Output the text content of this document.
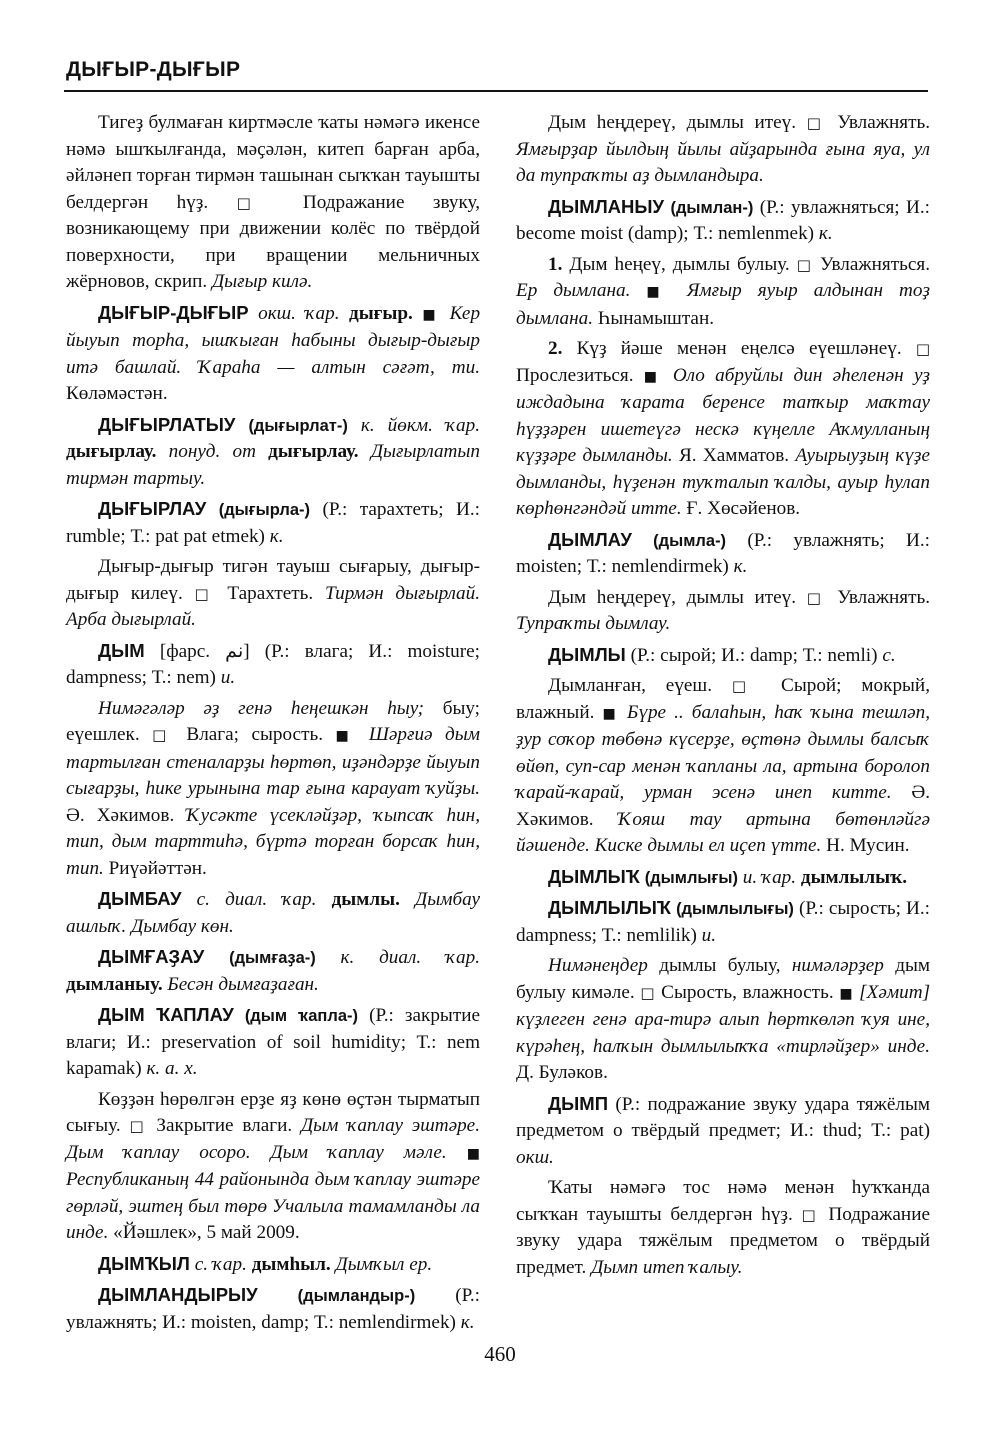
ДЫҒЫР-ДЫҒЫР

Тигеҙ булмаған киртмәсле ҡаты нәмәгә икенсе нәмә ышҡылғанда, мәҫәлән, китеп барған арба, әйләнеп торған тирмән ташынан сыҡҡан тауышты белдергән һүҙ. □ Подражание звуку, возникающему при движении колёс по твёрдой поверхности, при вращении мельничных жёрновов, скрип. Дығыр килә.

ДЫҒЫР-ДЫҒЫР окш. ҡар. дығыр. ■ Кер йыуып торһа, ышҡыған һабыны дығыр-дығыр итә башлай. Ҡараһа — алтын сәғәт, ти. Көләмәстән.

ДЫҒЫРЛАТЫУ (дығырлат-) к. йөкм. ҡар. дығырлау. понуд. от дығырлау. Дығырлатып тирмән тартыу.

ДЫҒЫРЛАУ (дығырла-) (Р.: тарахтеть; И.: rumble; Т.: pat pat etmek) к.

Дығыр-дығыр тигән тауыш сығарыу, дығыр-дығыр килеү. □ Тарахтеть. Тирмән дығырлай. Арба дығырлай.

ДЫМ [фарс. نم] (Р.: влага; И.: moisture; dampness; Т.: nem) и.

Нимәгәләр әҙ генә һеңешкән һыу; быу; еүешлек. □ Влага; сырость. ■ Шәрғиә дым тартылған стеналарҙы һөртөп, иҙәндәрҙе йыуып сығарҙы, һике урынына тар ғына карауат ҡуйҙы. Ә. Хәкимов. Ҡусәкте үсекләйҙәр, ҡыпсаҡ һин, тип, дым тарттиһә, бүртә торған борсаҡ һин, тип. Риүәйәттән.

ДЫМБАУ с. диал. ҡар. дымлы. Дымбау ашлыҡ. Дымбау көн.

ДЫМҒАҘАУ (дымғаҙа-) к. диал. ҡар. дымланыу. Бесән дымғаҙаған.

ДЫМ ҠАПЛАУ (дым ҡапла-) (Р.: закрытие влаги; И.: preservation of soil humidity; Т.: nem kapamak) к. а. х.

Көҙҙән һөрөлгән ерҙе яҙ көнө өҫтән тырматып сығыу. □ Закрытие влаги. Дым ҡаплау эштәре. Дым ҡаплау осоро. Дым ҡаплау мәле. ■ Республиканың 44 районында дым ҡаплау эштәре гөрләй, эштең был төрө Учалыла тамамланды ла инде. «Йәшлек», 5 май 2009.

ДЫМҠЫЛ с. ҡар. дымһыл. Дымҡыл ер.

ДЫМЛАНДЫРЫУ (дымландыр-) (Р.: увлажнять; И.: moisten, damp; Т.: nemlendirmek) к.

Дым һеңдереү, дымлы итеү. □ Увлажнять. Ямғырҙар йылдың йылы айҙарында ғына яуа, ул да тупраҡты аҙ дымландыра.

ДЫМЛАНЫУ (дымлан-) (Р.: увлажняться; И.: become moist (damp); Т.: nemlenmek) к.

1. Дым һеңеү, дымлы булыу. □ Увлажняться. Ер дымлана. ■ Ямғыр яуыр алдынан тоҙ дымлана. Һынамыштан.

2. Күҙ йәше менән еңелсә еүешләнеү. □ Прослезиться. ■ Оло абруйлы дин әһеленән уҙ иждадына ҡарата беренсе тапҡыр маҡтау һүҙҙәрен ишетеүгә нескә күңелле Аҡмулланың күҙҙәре дымланды. Я. Хамматов. Ауырыуҙың күҙе дымланды, һүҙенән туҡталып ҡалды, ауыр һулап көрһөнгәндәй итте. Ғ. Хөсәйенов.

ДЫМЛАУ (дымла-) (Р.: увлажнять; И.: moisten; Т.: nemlendirmek) к.

Дым һеңдереү, дымлы итеү. □ Увлажнять. Тупраҡты дымлау.

ДЫМЛЫ (Р.: сырой; И.: damp; Т.: nemli) с.

Дымланған, еүеш. □ Сырой; мокрый, влажный. ■ Бүре .. балаһын, һаҡ ҡына тешләп, ҙур соҡор төбөнә күсерҙе, өҫтөнә дымлы балсыҡ өйөп, суп-сар менән ҡапланы ла, артына боролоп ҡарай-ҡарай, урман эсенә инеп китте. Ә. Хәкимов. Ҡояш тау артына бөтөнләйгә йәшенде. Киске дымлы ел иҫеп үтте. Н. Мусин.

ДЫМЛЫҠ (дымлығы) и. ҡар. дымлылыҡ.

ДЫМЛЫЛЫҠ (дымлылығы) (Р.: сырость; И.: dampness; Т.: nemlilik) и.

Нимәнеңдер дымлы булыу, нимәләрҙер дым булыу кимәле. □ Сырость, влажность. ■ [Хәмит] күҙлеген генә ара-тирә алып һөрткөләп ҡуя ине, күрәһең, һалҡын дымлылыҡҡа «тирләйҙер» инде. Д. Буләков.

ДЫМП (Р.: подражание звуку удара тяжёлым предметом о твёрдый предмет; И.: thud; Т.: pat) окш.

Ҡаты нәмәгә тос нәмә менән һуҡҡанда сыҡҡан тауышты белдергән һүҙ. □ Подражание звуку удара тяжёлым предметом о твёрдый предмет. Дымп итеп ҡалыу.

460
